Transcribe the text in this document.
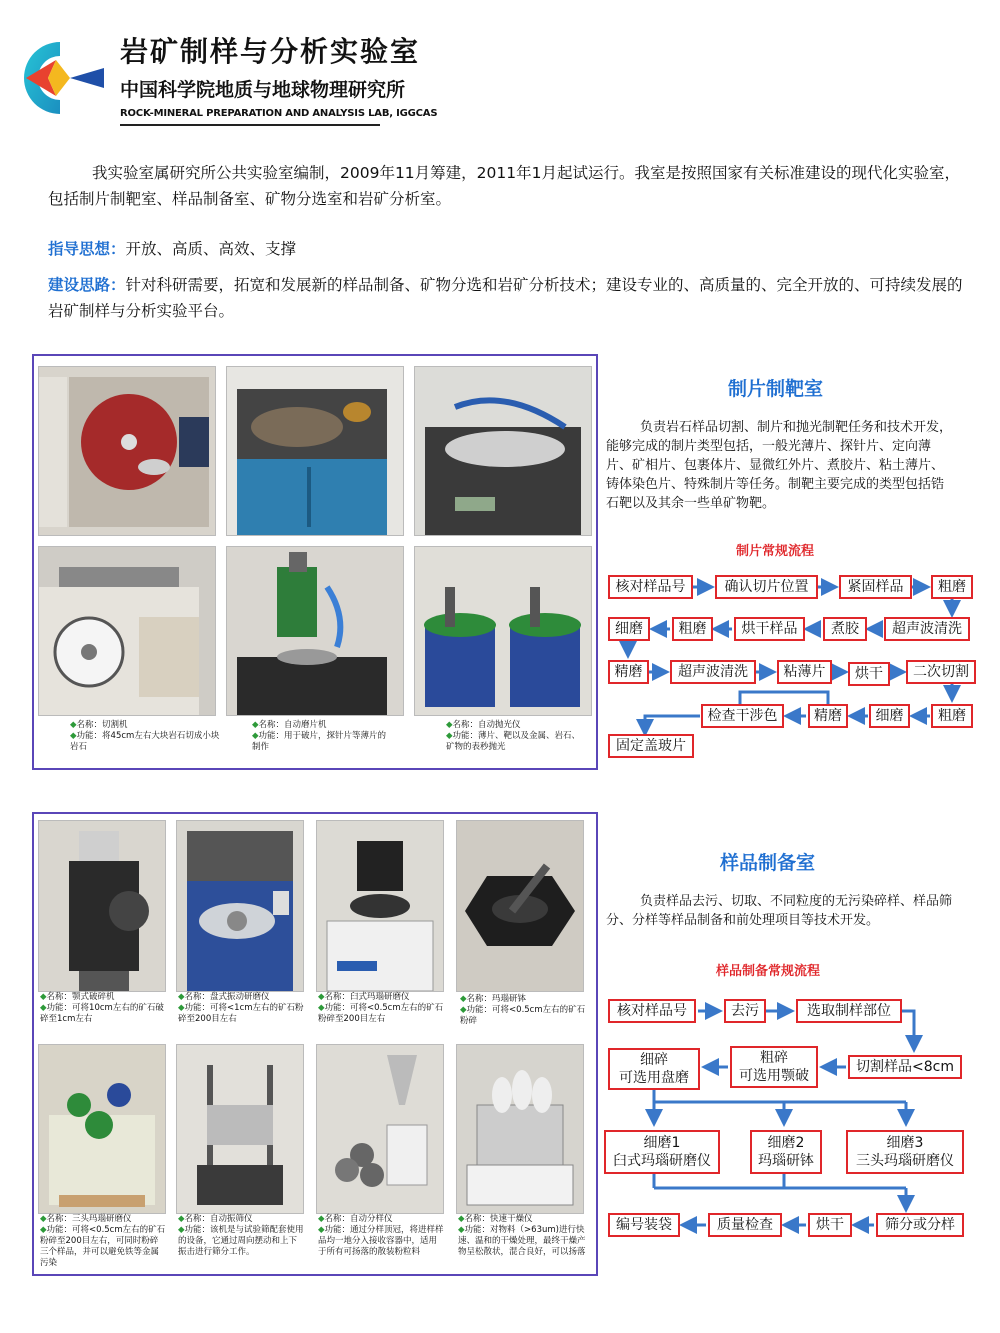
岩矿制样与分析实验室
中国科学院地质与地球物理研究所
ROCK-MINERAL PREPARATION AND ANALYSIS LAB, IGGCAS
我实验室属研究所公共实验室编制，2009年11月筹建，2011年1月起试运行。我室是按照国家有关标准建设的现代化实验室，包括制片制靶室、样品制备室、矿物分选室和岩矿分析室。
指导思想：开放、高质、高效、支撑
建设思路：针对科研需要，拓宽和发展新的样品制备、矿物分选和岩矿分析技术；建设专业的、高质量的、完全开放的、可持续发展的岩矿制样与分析实验平台。
◆名称：切割机
◆功能：将45cm左右大块岩石切成小块岩石
◆名称：自动磨片机
◆功能：用于破片，探针片等薄片的制作
◆名称：自动抛光仪
◆功能：薄片、靶以及金属、岩石、矿物的表秒抛光
制片制靶室
负责岩石样品切割、制片和抛光制靶任务和技术开发，能够完成的制片类型包括，一般光薄片、探针片、定向薄片、矿相片、包裹体片、显微红外片、煮胶片、粘土薄片、铸体染色片、特殊制片等任务。制靶主要完成的类型包括锆石靶以及其余一些单矿物靶。
制片常规流程
核对样品号	确认切片位置	紧固样品	粗磨
超声波清洗
煮胶
烘干样品
粗磨
细磨
精磨	超声波清洗	粘薄片	烘干	二次切割
粗磨
细磨
精磨
检查干涉色
固定盖玻片
◆名称：颚式破碎机
◆功能：可将10cm左右的矿石破碎至1cm左右
◆名称：盘式振动研磨仪
◆功能：可将<1cm左右的矿石粉碎至200目左右
◆名称：臼式玛瑙研磨仪
◆功能：可将<0.5cm左右的矿石粉碎至200目左右
◆名称：玛瑙研钵
◆功能：可将<0.5cm左右的矿石粉碎
◆名称：三头玛瑙研磨仪
◆功能：可将<0.5cm左右的矿石粉碎至200目左右，可同时粉碎三个样品，并可以避免铁等金属污染
◆名称：自动振筛仪
◆功能：该机是与试验筛配套使用的设备，它通过周向摆动和上下振击进行筛分工作。
◆名称：自动分样仪
◆功能：通过分样顶冠，将进样样品均一地分入接收容器中，适用于所有可扬落的散装粉粒料
◆名称：快速干燥仪
◆功能：对物料（>63um)进行快速、温和的干燥处理，最终干燥产物呈松散状，混合良好，可以扬落
样品制备室
负责样品去污、切取、不同粒度的无污染碎样、样品筛分、分样等样品制备和前处理项目等技术开发。
样品制备常规流程
核对样品号	去污	选取制样部位
切割样品<8cm
粗碎
可选用颚破
细碎
可选用盘磨
细磨1
臼式玛瑙研磨仪
细磨2
玛瑙研钵
细磨3
三头玛瑙研磨仪
筛分或分样
烘干
质量检查
编号装袋
